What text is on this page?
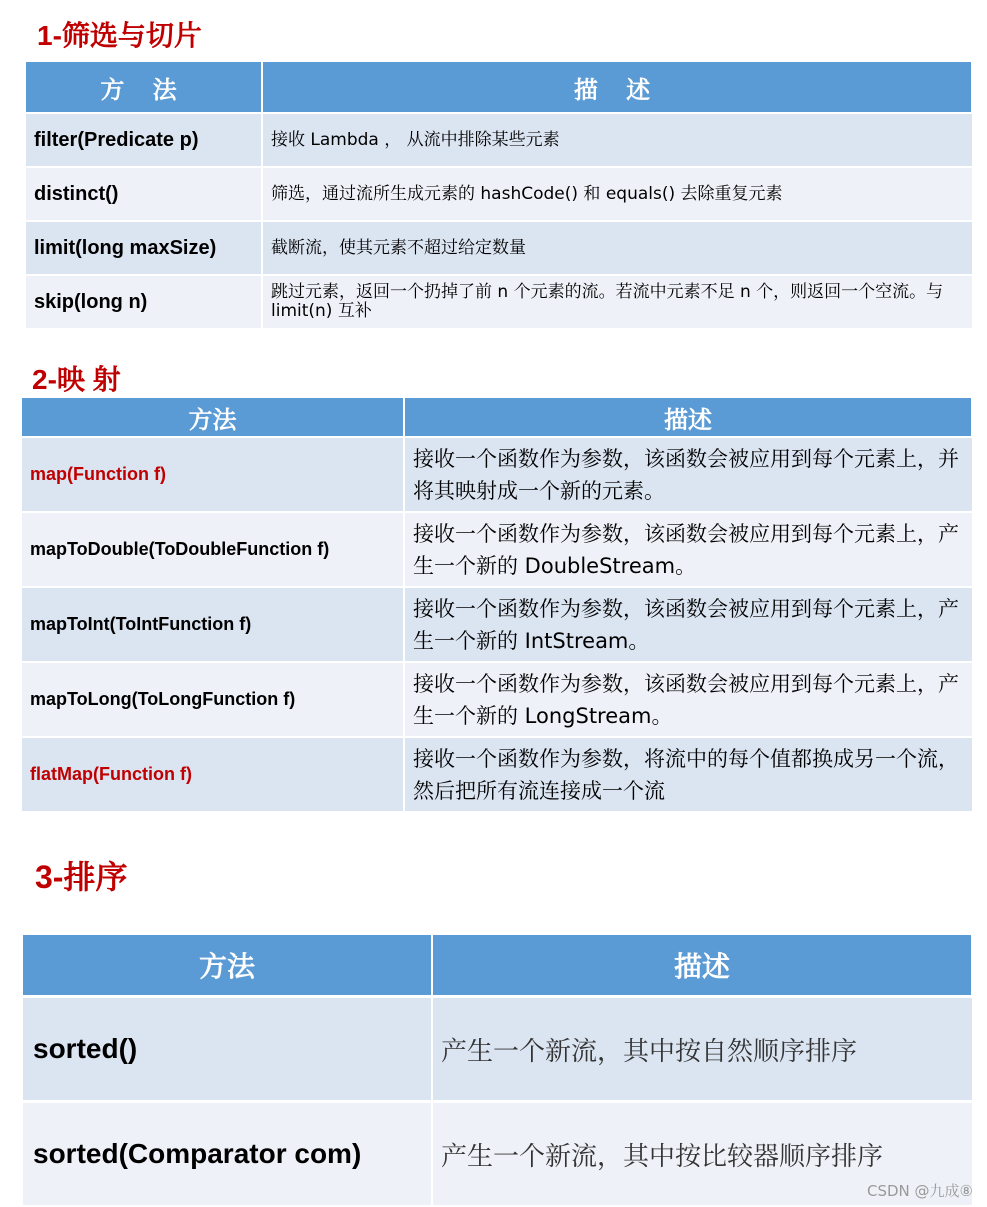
1-筛选与切片
方 法	描 述
filter(Predicate p)	接收 Lambda ， 从流中排除某些元素
distinct()	筛选，通过流所生成元素的 hashCode() 和 equals() 去除重复元素
limit(long maxSize)	截断流，使其元素不超过给定数量
skip(long n)	跳过元素，返回一个扔掉了前 n 个元素的流。若流中元素不足 n 个，则返回一个空流。与 limit(n) 互补
2-映 射
方法	描述
map(Function f)	接收一个函数作为参数，该函数会被应用到每个元素上，并将其映射成一个新的元素。
mapToDouble(ToDoubleFunction f)	接收一个函数作为参数，该函数会被应用到每个元素上，产生一个新的 DoubleStream。
mapToInt(ToIntFunction f)	接收一个函数作为参数，该函数会被应用到每个元素上，产生一个新的 IntStream。
mapToLong(ToLongFunction f)	接收一个函数作为参数，该函数会被应用到每个元素上，产生一个新的 LongStream。
flatMap(Function f)	接收一个函数作为参数，将流中的每个值都换成另一个流，然后把所有流连接成一个流
3-排序
方法	描述
sorted()	产生一个新流，其中按自然顺序排序
sorted(Comparator com)	产生一个新流，其中按比较器顺序排序
CSDN @九成⑧
